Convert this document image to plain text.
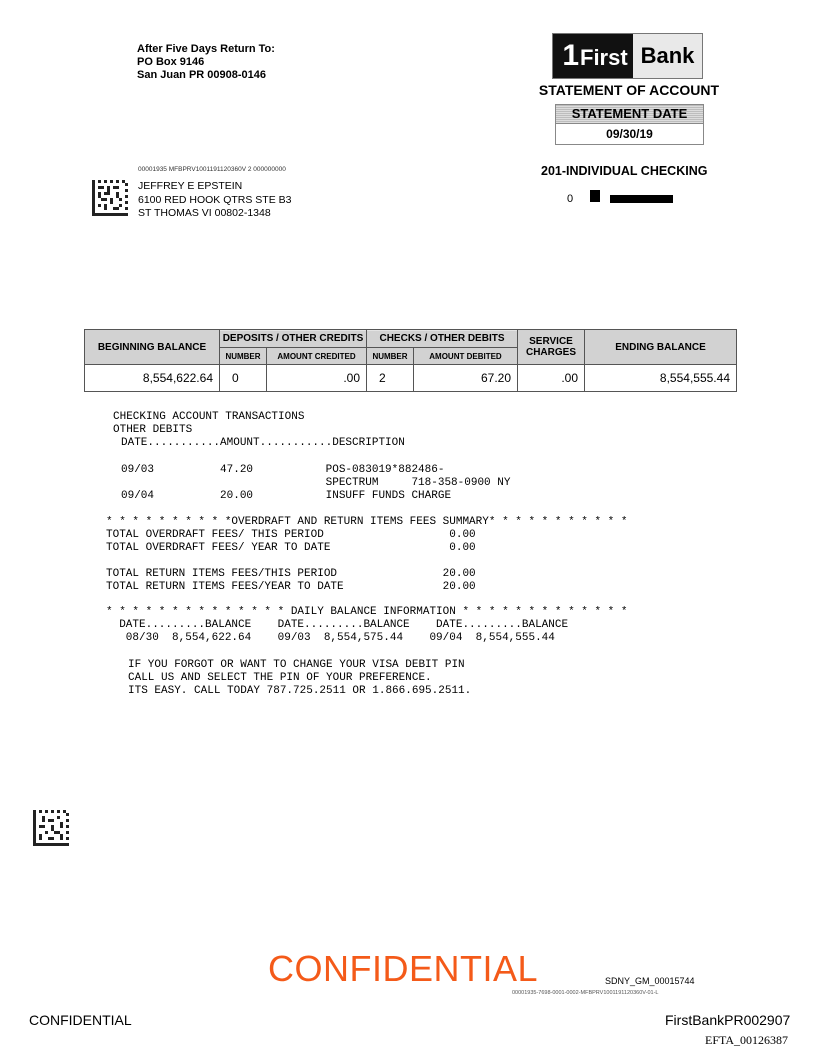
After Five Days Return To:
PO Box 9146
San Juan PR 00908-0146
1 First Bank
STATEMENT OF ACCOUNT
STATEMENT DATE
09/30/19
201-INDIVIDUAL CHECKING
0
00001935 MFBPRV1001191120360V 2 000000000
JEFFREY E EPSTEIN
6100 RED HOOK QTRS STE B3
ST THOMAS VI 00802-1348
BEGINNING BALANCE	DEPOSITS / OTHER CREDITS		CHECKS / OTHER DEBITS		SERVICE CHARGES	ENDING BALANCE
	NUMBER	AMOUNT CREDITED	NUMBER	AMOUNT DEBITED		
8,554,622.64	0	.00	2	67.20	.00	8,554,555.44
CHECKING ACCOUNT TRANSACTIONS
OTHER DEBITS
DATE...........AMOUNT...........DESCRIPTION
09/03          47.20           POS-083019*882486-
SPECTRUM     718-358-0900 NY
09/04          20.00           INSUFF FUNDS CHARGE
* * * * * * * * * *OVERDRAFT AND RETURN ITEMS FEES SUMMARY* * * * * * * * * * *
TOTAL OVERDRAFT FEES/ THIS PERIOD                   0.00
TOTAL OVERDRAFT FEES/ YEAR TO DATE                  0.00
TOTAL RETURN ITEMS FEES/THIS PERIOD                20.00
TOTAL RETURN ITEMS FEES/YEAR TO DATE               20.00
* * * * * * * * * * * * * * DAILY BALANCE INFORMATION * * * * * * * * * * * * *
DATE.........BALANCE    DATE.........BALANCE    DATE.........BALANCE
08/30  8,554,622.64    09/03  8,554,575.44    09/04  8,554,555.44
IF YOU FORGOT OR WANT TO CHANGE YOUR VISA DEBIT PIN
CALL US AND SELECT THE PIN OF YOUR PREFERENCE.
ITS EASY. CALL TODAY 787.725.2511 OR 1.866.695.2511.
CONFIDENTIAL	SDNY_GM_00015744
00001935-7698-0001-0002-MFBPRV1001191120360V-01-L
CONFIDENTIAL	FirstBankPR002907
EFTA_00126387
